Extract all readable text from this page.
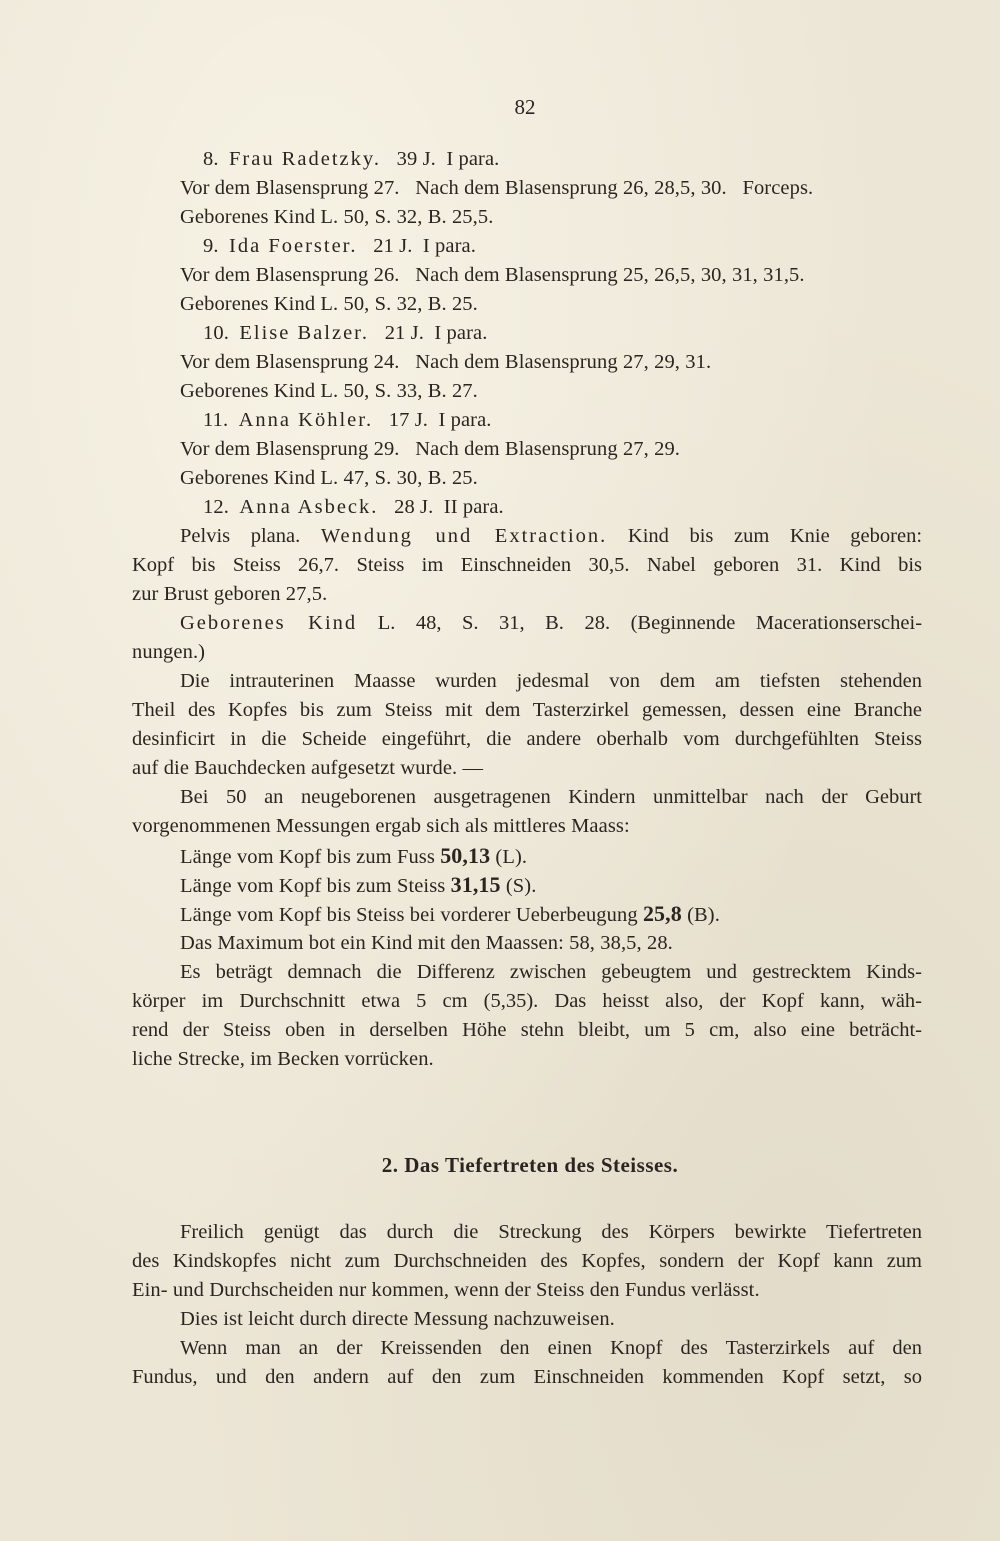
82
8. Frau Radetzky. 39 J. I para.
Vor dem Blasensprung 27. Nach dem Blasensprung 26, 28,5, 30. Forceps.
Geborenes Kind L. 50, S. 32, B. 25,5.
9. Ida Foerster. 21 J. I para.
Vor dem Blasensprung 26. Nach dem Blasensprung 25, 26,5, 30, 31, 31,5.
Geborenes Kind L. 50, S. 32, B. 25.
10. Elise Balzer. 21 J. I para.
Vor dem Blasensprung 24. Nach dem Blasensprung 27, 29, 31.
Geborenes Kind L. 50, S. 33, B. 27.
11. Anna Köhler. 17 J. I para.
Vor dem Blasensprung 29. Nach dem Blasensprung 27, 29.
Geborenes Kind L. 47, S. 30, B. 25.
12. Anna Asbeck. 28 J. II para.
Pelvis plana. Wendung und Extraction. Kind bis zum Knie geboren:
Kopf bis Steiss 26,7. Steiss im Einschneiden 30,5. Nabel geboren 31. Kind bis
zur Brust geboren 27,5.
Geborenes Kind L. 48, S. 31, B. 28. (Beginnende Macerationserschei-
nungen.)
Die intrauterinen Maasse wurden jedesmal von dem am tiefsten stehenden
Theil des Kopfes bis zum Steiss mit dem Tasterzirkel gemessen, dessen eine Branche
desinficirt in die Scheide eingeführt, die andere oberhalb vom durchgefühlten Steiss
auf die Bauchdecken aufgesetzt wurde. —
Bei 50 an neugeborenen ausgetragenen Kindern unmittelbar nach der Geburt
vorgenommenen Messungen ergab sich als mittleres Maass:
Länge vom Kopf bis zum Fuss 50,13 (L).
Länge vom Kopf bis zum Steiss 31,15 (S).
Länge vom Kopf bis Steiss bei vorderer Ueberbeugung 25,8 (B).
Das Maximum bot ein Kind mit den Maassen: 58, 38,5, 28.
Es beträgt demnach die Differenz zwischen gebeugtem und gestrecktem Kinds-
körper im Durchschnitt etwa 5 cm (5,35). Das heisst also, der Kopf kann, wäh-
rend der Steiss oben in derselben Höhe stehn bleibt, um 5 cm, also eine beträcht-
liche Strecke, im Becken vorrücken.
2. Das Tiefertreten des Steisses.
Freilich genügt das durch die Streckung des Körpers bewirkte Tiefertreten
des Kindskopfes nicht zum Durchschneiden des Kopfes, sondern der Kopf kann zum
Ein- und Durchscheiden nur kommen, wenn der Steiss den Fundus verlässt.
Dies ist leicht durch directe Messung nachzuweisen.
Wenn man an der Kreissenden den einen Knopf des Tasterzirkels auf den
Fundus, und den andern auf den zum Einschneiden kommenden Kopf setzt, so
